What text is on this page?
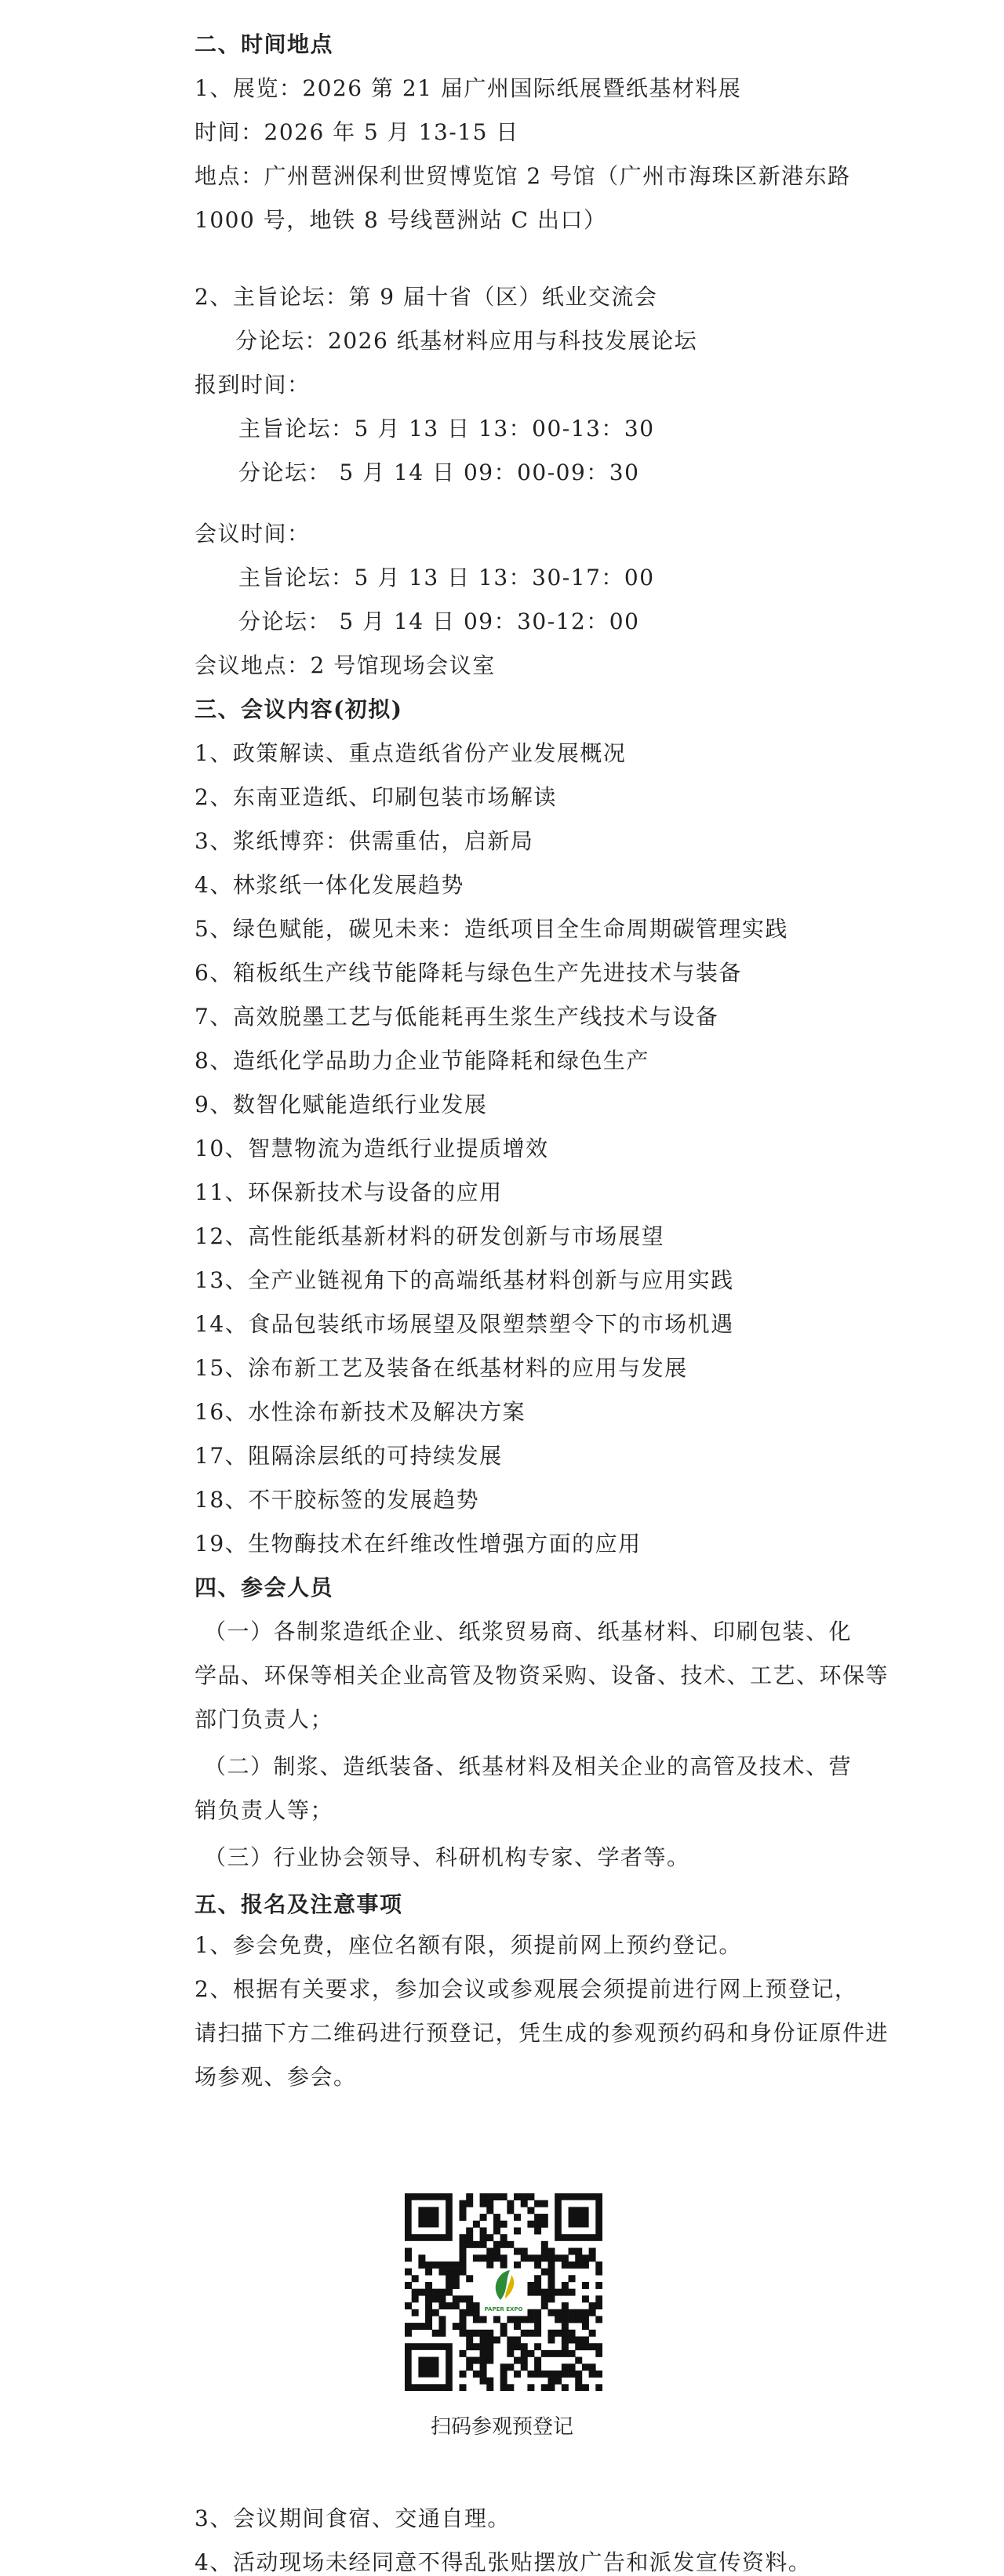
二、时间地点
1、展览：2026 第 21 届广州国际纸展暨纸基材料展
时间：2026 年 5 月 13-15 日
地点：广州琶洲保利世贸博览馆 2 号馆（广州市海珠区新港东路
1000 号，地铁 8 号线琶洲站 C 出口）
2、主旨论坛：第 9 届十省（区）纸业交流会
分论坛：2026 纸基材料应用与科技发展论坛
报到时间：
主旨论坛：5 月 13 日 13：00-13：30
分论坛： 5 月 14 日 09：00-09：30
会议时间：
主旨论坛：5 月 13 日 13：30-17：00
分论坛： 5 月 14 日 09：30-12：00
会议地点：2 号馆现场会议室
三、会议内容(初拟)
1、政策解读、重点造纸省份产业发展概况
2、东南亚造纸、印刷包装市场解读
3、浆纸博弈：供需重估，启新局
4、林浆纸一体化发展趋势
5、绿色赋能，碳见未来：造纸项目全生命周期碳管理实践
6、箱板纸生产线节能降耗与绿色生产先进技术与装备
7、高效脱墨工艺与低能耗再生浆生产线技术与设备
8、造纸化学品助力企业节能降耗和绿色生产
9、数智化赋能造纸行业发展
10、智慧物流为造纸行业提质增效
11、环保新技术与设备的应用
12、高性能纸基新材料的研发创新与市场展望
13、全产业链视角下的高端纸基材料创新与应用实践
14、食品包装纸市场展望及限塑禁塑令下的市场机遇
15、涂布新工艺及装备在纸基材料的应用与发展
16、水性涂布新技术及解决方案
17、阻隔涂层纸的可持续发展
18、不干胶标签的发展趋势
19、生物酶技术在纤维改性增强方面的应用
四、参会人员
（一）各制浆造纸企业、纸浆贸易商、纸基材料、印刷包装、化
学品、环保等相关企业高管及物资采购、设备、技术、工艺、环保等
部门负责人；
（二）制浆、造纸装备、纸基材料及相关企业的高管及技术、营
销负责人等；
（三）行业协会领导、科研机构专家、学者等。
五、报名及注意事项
1、参会免费，座位名额有限，须提前网上预约登记。
2、根据有关要求，参加会议或参观展会须提前进行网上预登记，
请扫描下方二维码进行预登记，凭生成的参观预约码和身份证原件进
场参观、参会。
3、会议期间食宿、交通自理。
4、活动现场未经同意不得乱张贴摆放广告和派发宣传资料。
PAPER EXPO
扫码参观预登记
